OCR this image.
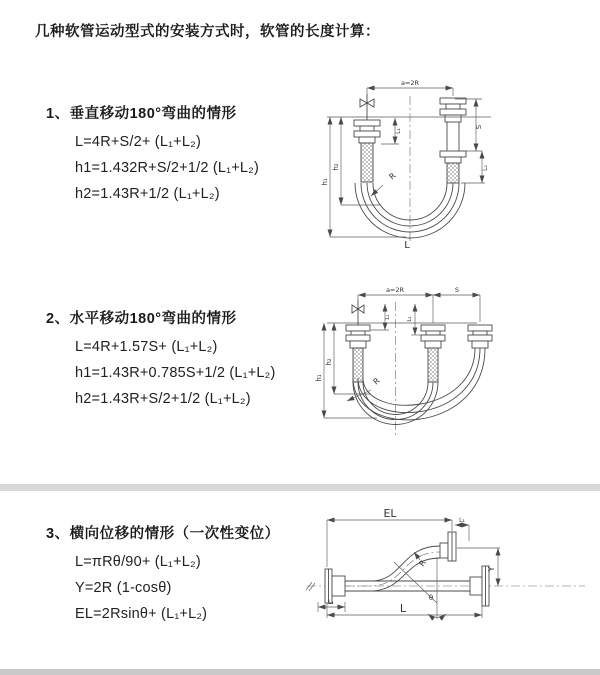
几种软管运动型式的安装方式时，软管的长度计算：
1、垂直移动180°弯曲的情形
L=4R+S/2+ (L₁+L₂)
h1=1.432R+S/2+1/2 (L₁+L₂)
h2=1.43R+1/2 (L₁+L₂)
2、水平移动180°弯曲的情形
L=4R+1.57S+ (L₁+L₂)
h1=1.43R+0.785S+1/2 (L₁+L₂)
h2=1.43R+S/2+1/2 (L₁+L₂)
3、横向位移的情形（一次性变位）
L=πRθ/90+ (L₁+L₂)
Y=2R (1-cosθ)
EL=2Rsinθ+ (L₁+L₂)
a=2R
h₁
h₂
L₁
S
L₂
R
L
a=2R	S
h₁
h₂
L₁	L₂
R
EL
L₁
Y
R
θ
L
L₁
